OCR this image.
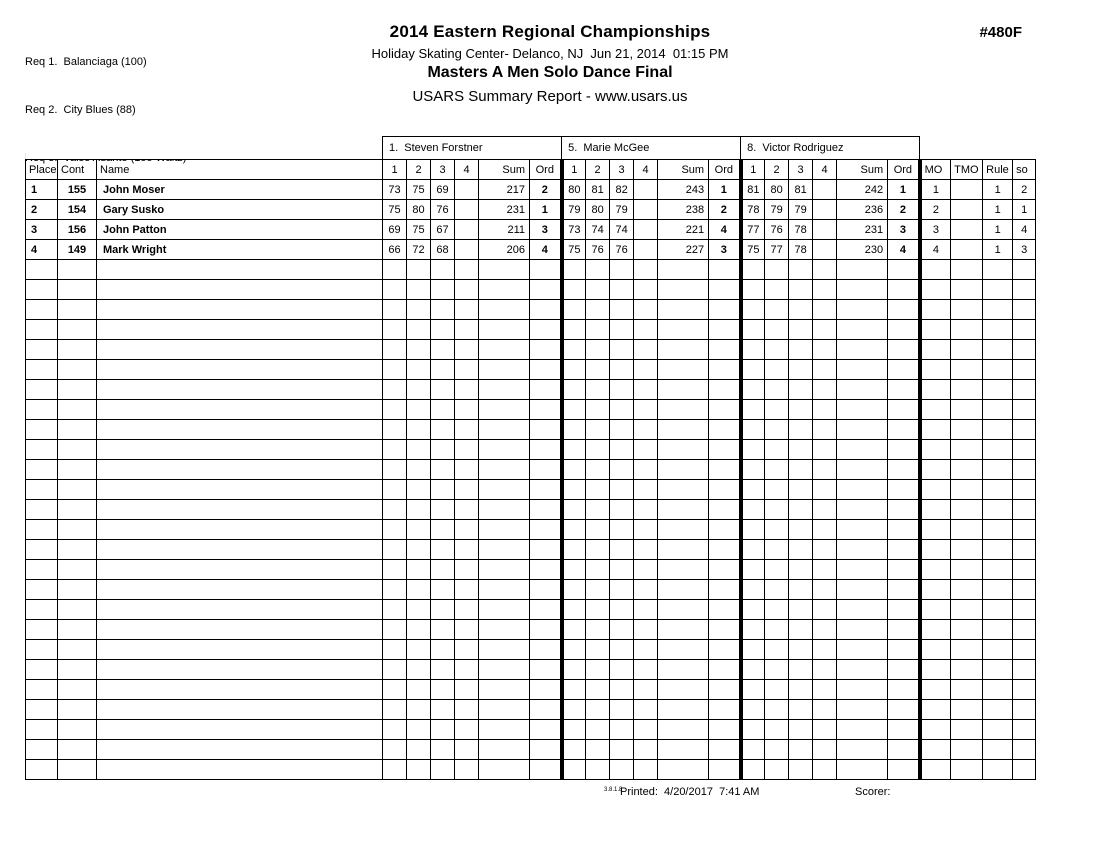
Req 1.  Balanciaga (100)

Req 2.  City Blues (88)

2014 Eastern Regional Championships
Holiday Skating Center- Delanco, NJ  Jun 21, 2014  01:15 PM
Masters A Men Solo Dance Final
USARS Summary Report - www.usars.us
#480F
			1.  Steven Forstner						5.  Marie McGee						8.  Victor Rodriguez									
Place	Cont	Name	1	2	3	4	Sum	Ord	1	2	3	4	Sum	Ord	1	2	3	4	Sum	Ord	MO	TMO	Rule	so
1	155	John Moser	73	75	69		217	2	80	81	82		243	1	81	80	81		242	1	1		1	2
2	154	Gary Susko	75	80	76		231	1	79	80	79		238	2	78	79	79		236	2	2		1	1
3	156	John Patton	69	75	67		211	3	73	74	74		221	4	77	76	78		231	3	3		1	4
4	149	Mark Wright	66	72	68		206	4	75	76	76		227	3	75	77	78		230	4	4		1	3

3.8.1.8
Printed:  4/20/2017  7:41 AM	Scorer:
